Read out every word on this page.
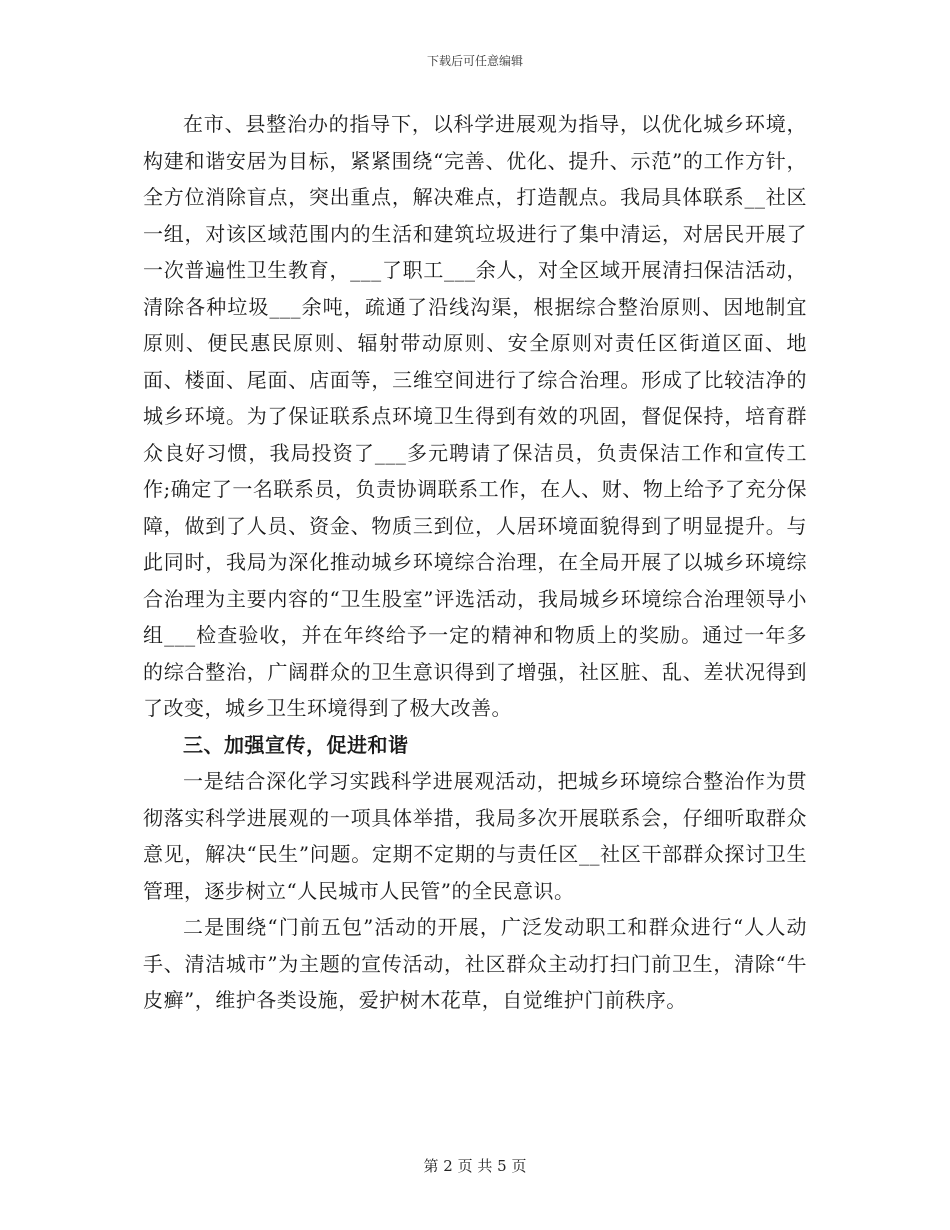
下载后可任意编辑

在市、县整治办的指导下，以科学进展观为指导，以优化城乡环境，构建和谐安居为目标，紧紧围绕“完善、优化、提升、示范”的工作方针，全方位消除盲点，突出重点，解决难点，打造靓点。我局具体联系__社区一组，对该区域范围内的生活和建筑垃圾进行了集中清运，对居民开展了一次普遍性卫生教育，___了职工___余人，对全区域开展清扫保洁活动，清除各种垃圾___余吨，疏通了沿线沟渠，根据综合整治原则、因地制宜原则、便民惠民原则、辐射带动原则、安全原则对责任区街道区面、地面、楼面、尾面、店面等，三维空间进行了综合治理。形成了比较洁净的城乡环境。为了保证联系点环境卫生得到有效的巩固，督促保持，培育群众良好习惯，我局投资了___多元聘请了保洁员，负责保洁工作和宣传工作;确定了一名联系员，负责协调联系工作，在人、财、物上给予了充分保障，做到了人员、资金、物质三到位，人居环境面貌得到了明显提升。与此同时，我局为深化推动城乡环境综合治理，在全局开展了以城乡环境综合治理为主要内容的“卫生股室”评选活动，我局城乡环境综合治理领导小组___检查验收，并在年终给予一定的精神和物质上的奖励。通过一年多的综合整治，广阔群众的卫生意识得到了增强，社区脏、乱、差状况得到了改变，城乡卫生环境得到了极大改善。

三、加强宣传，促进和谐

一是结合深化学习实践科学进展观活动，把城乡环境综合整治作为贯彻落实科学进展观的一项具体举措，我局多次开展联系会，仔细听取群众意见，解决“民生”问题。定期不定期的与责任区__社区干部群众探讨卫生管理，逐步树立“人民城市人民管”的全民意识。

二是围绕“门前五包”活动的开展，广泛发动职工和群众进行“人人动手、清洁城市”为主题的宣传活动，社区群众主动打扫门前卫生，清除“牛皮癣”，维护各类设施，爱护树木花草，自觉维护门前秩序。

第 2 页 共 5 页
